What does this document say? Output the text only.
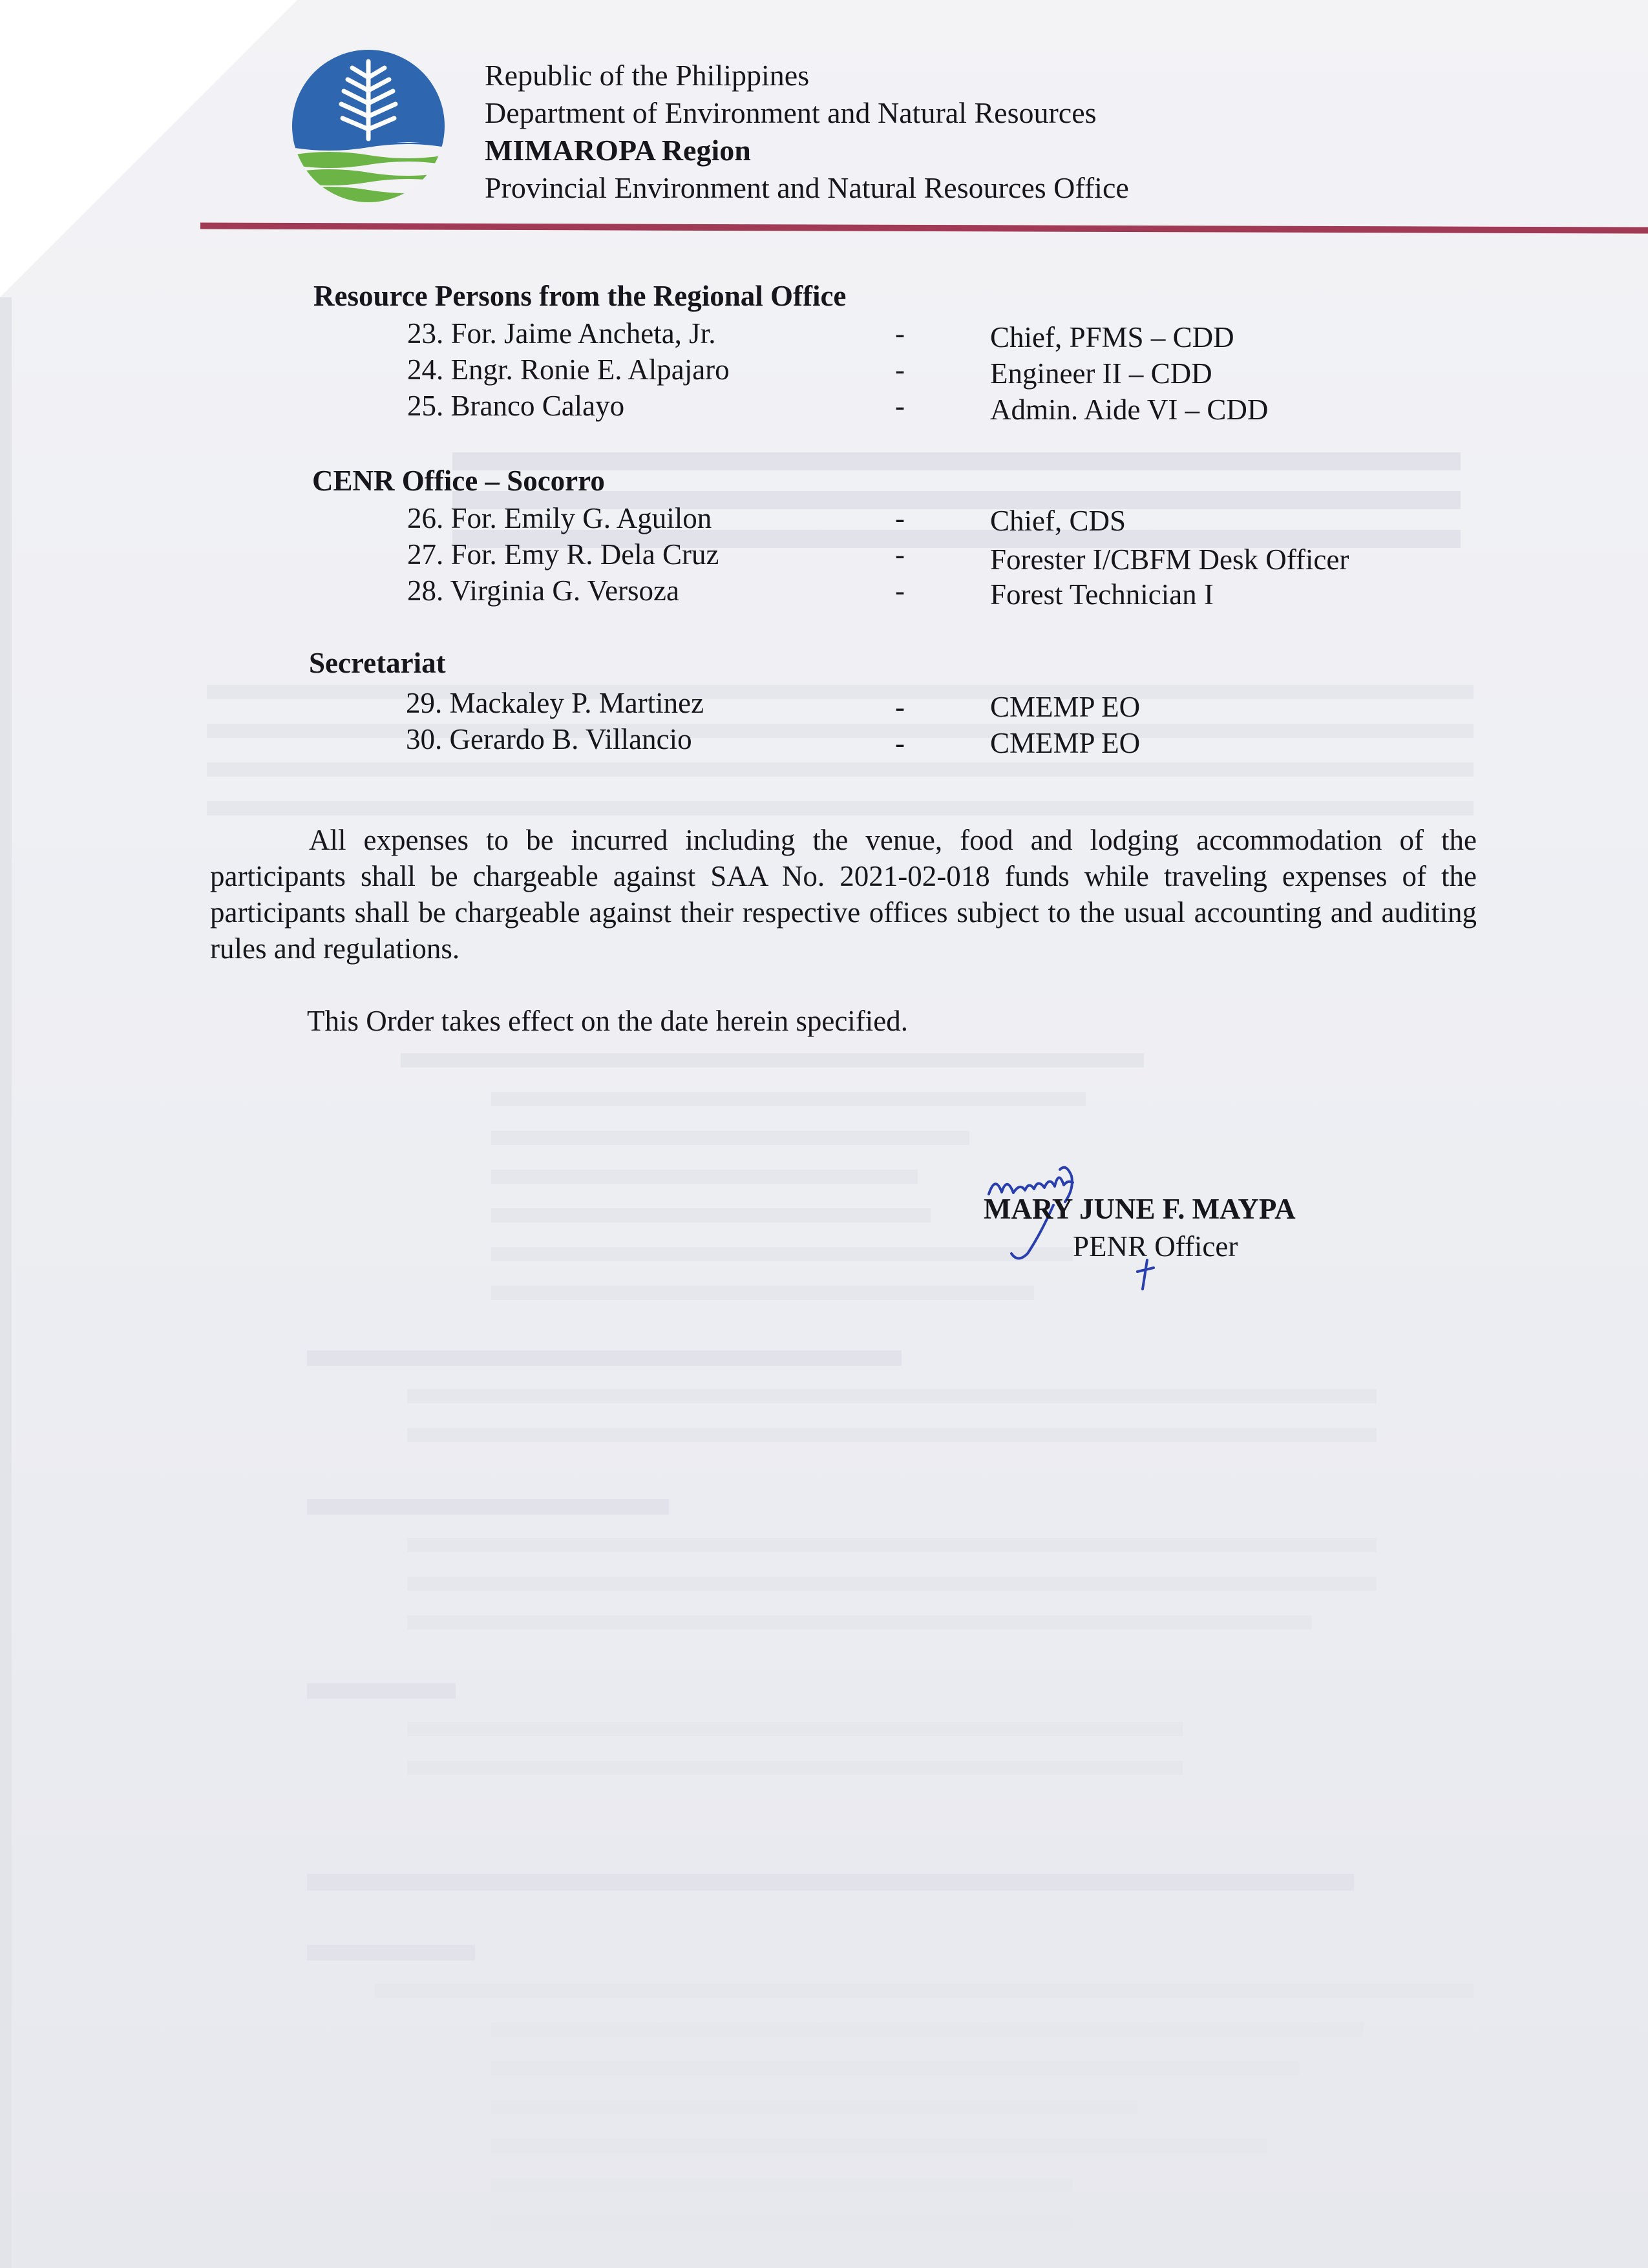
Republic of the Philippines
Department of Environment and Natural Resources
MIMAROPA Region
Provincial Environment and Natural Resources Office
Resource Persons from the Regional Office
23. For. Jaime Ancheta, Jr.	-	Chief, PFMS – CDD
24. Engr. Ronie E. Alpajaro	-	Engineer II – CDD
25. Branco Calayo	-	Admin. Aide VI – CDD
CENR Office – Socorro
26. For. Emily G. Aguilon	-	Chief, CDS
27. For. Emy R. Dela Cruz	-	Forester I/CBFM Desk Officer
28. Virginia G. Versoza	-	Forest Technician I
Secretariat
29. Mackaley P. Martinez	-	CMEMP EO
30. Gerardo B. Villancio	-	CMEMP EO
All expenses to be incurred including the venue, food and lodging accommodation of the participants shall be chargeable against SAA No. 2021-02-018 funds while traveling expenses of the participants shall be chargeable against their respective offices subject to the usual accounting and auditing rules and regulations.
This Order takes effect on the date herein specified.
MARY JUNE F. MAYPA
PENR Officer
